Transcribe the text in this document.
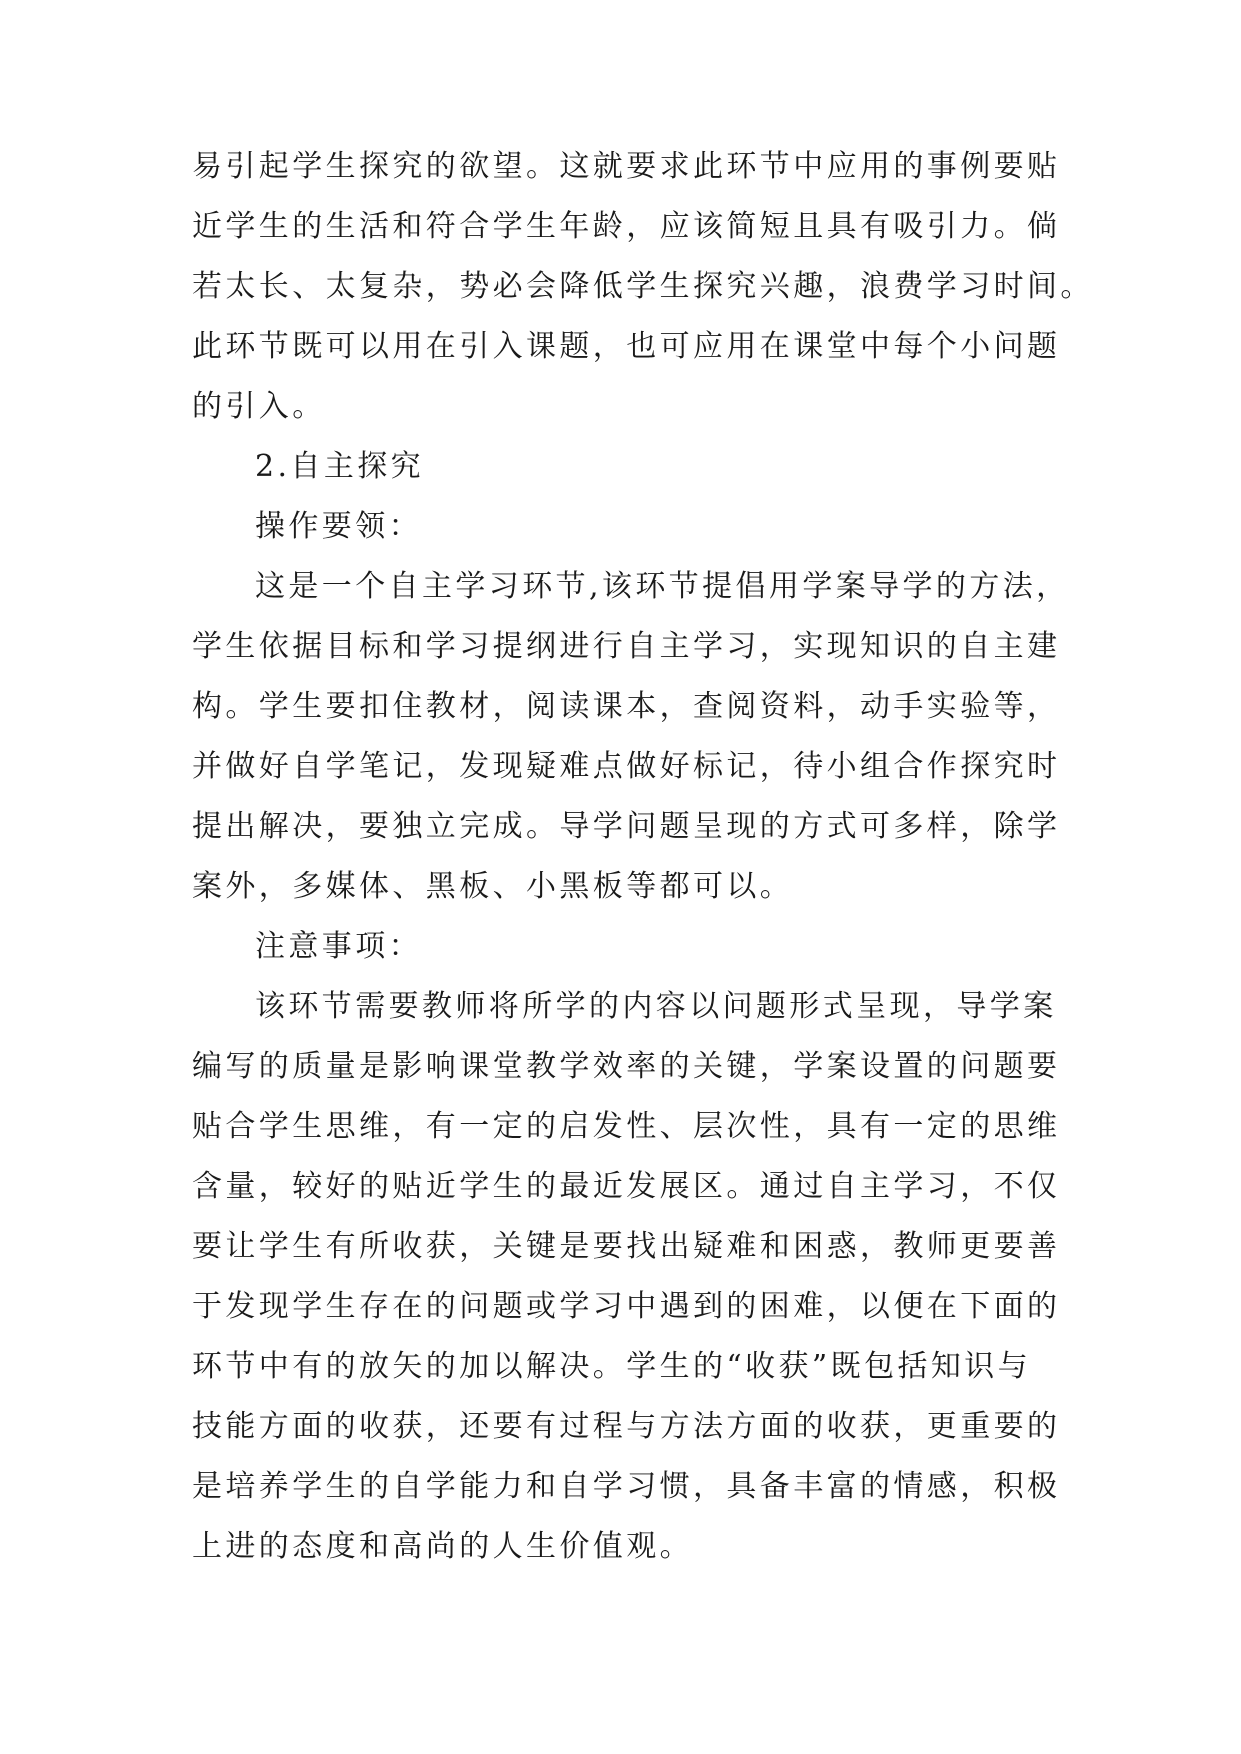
易引起学生探究的欲望。这就要求此环节中应用的事例要贴
近学生的生活和符合学生年龄，应该简短且具有吸引力。倘
若太长、太复杂，势必会降低学生探究兴趣，浪费学习时间。
此环节既可以用在引入课题，也可应用在课堂中每个小问题
的引入。
2.自主探究
操作要领：
这是一个自主学习环节,该环节提倡用学案导学的方法，
学生依据目标和学习提纲进行自主学习，实现知识的自主建
构。学生要扣住教材，阅读课本，查阅资料，动手实验等，
并做好自学笔记，发现疑难点做好标记，待小组合作探究时
提出解决，要独立完成。导学问题呈现的方式可多样，除学
案外，多媒体、黑板、小黑板等都可以。
注意事项：
该环节需要教师将所学的内容以问题形式呈现，导学案
编写的质量是影响课堂教学效率的关键，学案设置的问题要
贴合学生思维，有一定的启发性、层次性，具有一定的思维
含量，较好的贴近学生的最近发展区。通过自主学习，不仅
要让学生有所收获，关键是要找出疑难和困惑，教师更要善
于发现学生存在的问题或学习中遇到的困难，以便在下面的
环节中有的放矢的加以解决。学生的“收获”既包括知识与
技能方面的收获，还要有过程与方法方面的收获，更重要的
是培养学生的自学能力和自学习惯，具备丰富的情感，积极
上进的态度和高尚的人生价值观。
